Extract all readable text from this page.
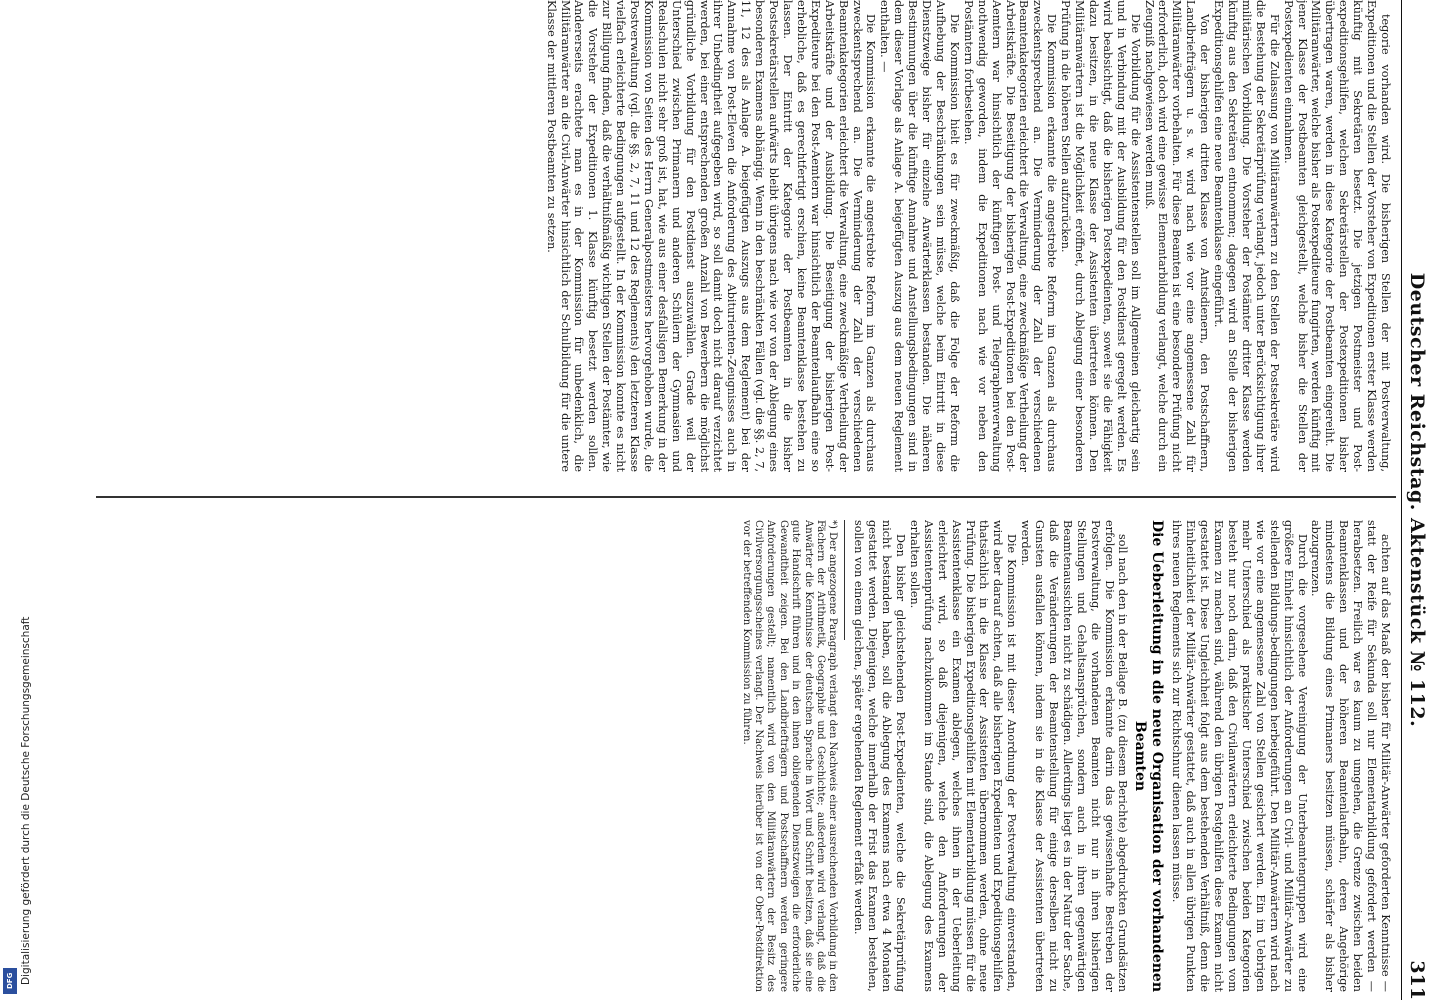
Digitalisierung gefördert durch die Deutsche Forschungsgemeinschaft
DFG
Deutscher Reichstag. Aktenstück № 112.
311

tegorie vorhanden wird. Die bisherigen Stellen der mit Postverwaltung, Expeditionen und die Stellen der Vorsteher von Expeditionen erster Klasse werden künftig mit Sekretären besetzt. Die jetzigen Postmeister und Post-expeditionsgehilfen, welchen Sekretärstellen der Postexpeditionen bisher übertragen waren, werden in diese Kategorie der Postbeamten eingereiht. Die Militäranwärter, welche bisher als Postexpediteure fungirten, werden künftig mit jener Klasse der Postbeamten gleichgestellt, welche bisher die Stellen der Postexpedienten einnahmen.

Für die Zulassung von Militäranwärtern zu den Stellen der Postsekretäre wird die Bestehung der Sekretärprüfung verlangt, jedoch unter Berücksichtigung ihrer militärischen Vorbildung. Die Vorsteher der Postämter dritter Klasse werden künftig aus den Sekretären entnommen; dagegen wird an Stelle der bisherigen Expeditionsgehilfen eine neue Beamtenklasse eingeführt.

Von der bisherigen dritten Klasse von Amtsdienern, den Postschaffnern, Landbriefträgern u. s. w. wird nach wie vor eine angemessene Zahl für Militäranwärter vorbehalten. Für diese Beamten ist eine besondere Prüfung nicht erforderlich, doch wird eine gewisse Elementarbildung verlangt, welche durch ein Zeugniß nachgewiesen werden muß.

Die Vorbildung für die Assistentenstellen soll im Allgemeinen gleichartig sein und in Verbindung mit der Ausbildung für den Postdienst geregelt werden. Es wird beabsichtigt, daß die bisherigen Postexpedienten, soweit sie die Fähigkeit dazu besitzen, in die neue Klasse der Assistenten übertreten können. Den Militäranwärtern ist die Möglichkeit eröffnet, durch Ablegung einer besonderen Prüfung in die höheren Stellen aufzurücken.

Die Kommission erkannte die angestrebte Reform im Ganzen als durchaus zweckentsprechend an. Die Verminderung der Zahl der verschiedenen Beamtenkategorien erleichtert die Verwaltung, eine zweckmäßige Vertheilung der Arbeitskräfte. Die Beseitigung der bisherigen Post-Expeditionen bei den Post-Aemtern war hinsichtlich der künftigen Post- und Telegraphenverwaltung nothwendig geworden, indem die Expeditionen nach wie vor neben den Postämtern fortbestehen.

Die Kommission hielt es für zweckmäßig, daß die Folge der Reform die Aufhebung der Beschränkungen sein müsse, welche beim Eintritt in diese Dienstzweige bisher für einzelne Anwärterklassen bestanden. Die näheren Bestimmungen über die künftige Annahme und Anstellungsbedingungen sind in dem dieser Vorlage als Anlage A. beigefügten Auszug aus dem neuen Reglement enthalten. —

Die Kommission erkannte die angestrebte Reform im Ganzen als durchaus zweckentsprechend an. Die Verminderung der Zahl der verschiedenen Beamtenkategorien erleichtert die Verwaltung, eine zweckmäßige Vertheilung der Arbeitskräfte und der Ausbildung. Die Beseitigung der bisherigen Post-Expediteure bei den Post-Aemtern war hinsichtlich der Beamtenlaufbahn eine so erhebliche, daß es gerechtfertigt erschien, keine Beamtenklasse bestehen zu lassen. Der Eintritt der Kategorie der Postbeamten in die bisher Postsekretärstellen aufwärts bleibt übrigens nach wie vor von der Ablegung eines besonderen Examens abhängig. Wenn in den beschränkten Fällen (vgl. die §§. 2, 7, 11, 12 des als Anlage A. beigefügten Auszugs aus dem Reglement) bei der Annahme von Post-Eleven die Anforderung des Abiturienten-Zeugnisses auch in ihrer Unbedingtheit aufgegeben wird, so soll damit doch nicht darauf verzichtet werden, bei einer entsprechenden großen Anzahl von Bewerbern die möglichst gründliche Vorbildung für den Postdienst auszuwählen. Grade weil der Unterschied zwischen Primanern und anderen Schülern der Gymnasien und Realschulen nicht sehr groß ist, hat, wie aus einer desfallsigen Bemerkung in der Kommission von Seiten des Herrn Generalpostmeisters hervorgehoben wurde, die Postverwaltung (vgl. die §§. 2, 7, 11 und 12 des Reglements) den letzteren Klasse vielfach erleichterte Bedingungen aufgestellt. In der Kommission konnte es nicht zur Billigung finden, daß die verhältnißmäßig wichtigen Stellen der Postämter, wie die Vorsteher der Expeditionen 1. Klasse künftig besetzt werden sollen. Andererseits erachtete man es in der Kommission für unbedenklich, die Militäranwärter an die Civil-Anwärter hinsichtlich der Schulbildung für die untere Klasse der mittleren Postbeamten zu setzen.

achten auf das Maaß der bisher für Militär-Anwärter geforderten Kenntnisse — statt der Reife für Sekunda soll nur Elementarbildung gefordert werden — herabsetzen. Freilich war es kaum zu umgehen, die Grenze zwischen beiden Beamtenklassen und der höheren Beamtenlaufbahn, deren Angehörige mindestens die Bildung eines Primaners besitzen müssen, schärfer als bisher abzugrenzen.

Durch die vorgesehene Vereinigung der Unterbeamtengruppen wird eine größere Einheit hinsichtlich der Anforderungen an Civil- und Militär-Anwärter zu stellenden Bildungs-bedingungen herbeigeführt. Den Militär-Anwärtern wird nach wie vor eine angemessene Zahl von Stellen gesichert werden. Ein im Uebrigen mehr Unterschied als praktischer Unterschied zwischen beiden Kategorien besteht nur noch darin, daß den Civilanwärtern erleichterte Bedingungen vom Examen zu machen sind, während den übrigen Postgehilfen diese Examen nicht gestattet ist. Diese Ungleichheit folgt aus dem bestehenden Verhältniß, denn die Einheitlichkeit der Militär-Anwärter gestattet, daß auch in allen übrigen Punkten ihres neuen Reglements sich zur Richtschnur dienen lassen müsse.

Die Ueberleitung in die neue Organisation der vorhandenen Beamten

soll nach den in der Beilage B. (zu diesem Berichte) abgedruckten Grundsätzen erfolgen. Die Kommission erkannte darin das gewissenhafte Bestreben der Postverwaltung, die vorhandenen Beamten nicht nur in ihren bisherigen Stellungen und Gehaltsansprüchen, sondern auch in ihren gegenwärtigen Beamtenaussichten nicht zu schädigen. Allerdings liegt es in der Natur der Sache, daß die Veränderungen der Beamtenstellung für einige derselben nicht zu Gunsten ausfallen können, indem sie in die Klasse der Assistenten übertreten werden.

Die Kommission ist mit dieser Anordnung der Postverwaltung einverstanden, wird aber darauf achten, daß alle bisherigen Expedienten und Expeditionsgehilfen thatsächlich in die Klasse der Assistenten übernommen werden, ohne neue Prüfung. Die bisherigen Expeditionsgehilfen mit Elementarbildung müssen für die Assistentenklasse ein Examen ablegen, welches ihnen in der Ueberleitung erleichtert wird, so daß diejenigen, welche den Anforderungen der Assistentenprüfung nachzukommen im Stande sind, die Ablegung des Examens erhalten sollen.

Den bisher gleichstehenden Post-Expedienten, welche die Sekretärprüfung nicht bestanden haben, soll die Ablegung des Examens nach etwa 4 Monaten gestattet werden. Diejenigen, welche innerhalb der Frist das Examen bestehen, sollen von einem gleichen, später ergehenden Reglement erfaßt werden.

*) Der angezogene Paragraph verlangt den Nachweis einer ausreichenden Vorbildung in den Fächern der Arithmetik, Geographie und Geschichte; außerdem wird verlangt, daß die Anwärter die Kenntnisse der deutschen Sprache in Wort und Schrift besitzen, daß sie eine gute Handschrift führen und in den ihnen obliegenden Dienstzweigen die erforderliche Gewandtheit zeigen. Bei den Landbriefträgern und Postschaffnern werden geringere Anforderungen gestellt; namentlich wird von den Militäranwärtern der Besitz des Civilversorgungsscheines verlangt. Der Nachweis hierüber ist von der Ober-Postdirektion vor der betreffenden Kommission zu führen.
